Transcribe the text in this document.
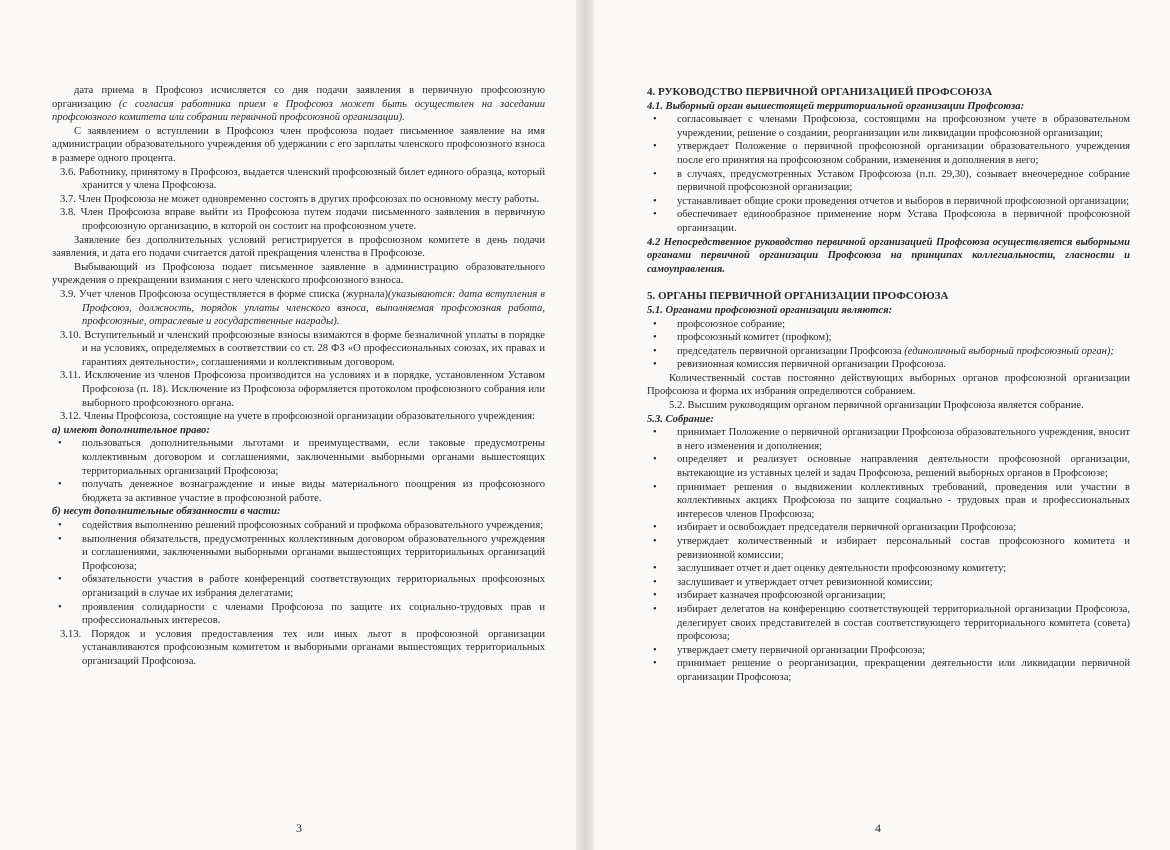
дата приема в Профсоюз исчисляется со дня подачи заявления в первичную профсоюзную организацию (с согласия работника прием в Профсоюз может быть осуществлен на заседании профсоюзного комитета или собрании первичной профсоюзной организации).

С заявлением о вступлении в Профсоюз член профсоюза подает письменное заявление на имя администрации образовательного учреждения об удержании с его зарплаты членского профсоюзного взноса в размере одного процента.

3.6. Работнику, принятому в Профсоюз, выдается членский профсоюзный билет единого образца, который хранится у члена Профсоюза.

3.7. Член Профсоюза не может одновременно состоять в других профсоюзах по основному месту работы.

3.8. Член Профсоюза вправе выйти из Профсоюза путем подачи письменного заявления в первичную профсоюзную организацию, в которой он состоит на профсоюзном учете.

Заявление без дополнительных условий регистрируется в профсоюзном комитете в день подачи заявления, и дата его подачи считается датой прекращения членства в Профсоюзе.

Выбывающий из Профсоюза подает письменное заявление в администрацию образовательного учреждения о прекращении взимания с него членского профсоюзного взноса.

3.9. Учет членов Профсоюза осуществляется в форме списка (журнала)(указываются: дата вступления в Профсоюз, должность, порядок уплаты членского взноса, выполняемая профсоюзная работа, профсоюзные, отраслевые и государственные награды).

3.10. Вступительный и членский профсоюзные взносы взимаются в форме безналичной уплаты в порядке и на условиях, определяемых в соответствии со ст. 28 ФЗ «О профессиональных союзах, их правах и гарантиях деятельности», соглашениями и коллективным договором.

3.11. Исключение из членов Профсоюза производится на условиях и в порядке, установленном Уставом Профсоюза (п. 18). Исключение из Профсоюза оформляется протоколом профсоюзного собрания или выборного профсоюзного органа.

3.12. Члены Профсоюза, состоящие на учете в профсоюзной организации образовательного учреждения:

а) имеют дополнительное право:

• пользоваться дополнительными льготами и преимуществами, если таковые предусмотрены коллективным договором и соглашениями, заключенными выборными органами вышестоящих территориальных организаций Профсоюза;
• получать денежное вознаграждение и иные виды материального поощрения из профсоюзного бюджета за активное участие в профсоюзной работе.

б) несут дополнительные обязанности в части:

• содействия выполнению решений профсоюзных собраний и профкома образовательного учреждения;
• выполнения обязательств, предусмотренных коллективным договором образовательного учреждения и соглашениями, заключенными выборными органами вышестоящих территориальных организаций Профсоюза;
• обязательности участия в работе конференций соответствующих территориальных профсоюзных организаций в случае их избрания делегатами;
• проявления солидарности с членами Профсоюза по защите их социально-трудовых прав и профессиональных интересов.

3.13. Порядок и условия предоставления тех или иных льгот в профсоюзной организации устанавливаются профсоюзным комитетом и выборными органами вышестоящих территориальных организаций Профсоюза.

3

4. РУКОВОДСТВО ПЕРВИЧНОЙ ОРГАНИЗАЦИЕЙ ПРОФСОЮЗА

4.1. Выборный орган вышестоящей территориальной организации Профсоюза:

• согласовывает с членами Профсоюза, состоящими на профсоюзном учете в образовательном учреждении, решение о создании, реорганизации или ликвидации профсоюзной организации;
• утверждает Положение о первичной профсоюзной организации образовательного учреждения после его принятия на профсоюзном собрании, изменения и дополнения в него;
• в случаях, предусмотренных Уставом Профсоюза (п.п. 29,30), созывает внеочередное собрание первичной профсоюзной организации;
• устанавливает общие сроки проведения отчетов и выборов в первичной профсоюзной организации;
• обеспечивает единообразное применение норм Устава Профсоюза в первичной профсоюзной организации.

4.2 Непосредственное руководство первичной организацией Профсоюза осуществляется выборными органами первичной организации Профсоюза на принципах коллегиальности, гласности и самоуправления.

5. ОРГАНЫ ПЕРВИЧНОЙ ОРГАНИЗАЦИИ ПРОФСОЮЗА

5.1. Органами профсоюзной организации являются:

• профсоюзное собрание;
• профсоюзный комитет (профком);
• председатель первичной организации Профсоюза (единоличный выборный профсоюзный орган);
• ревизионная комиссия первичной организации Профсоюза.

Количественный состав постоянно действующих выборных органов профсоюзной организации Профсоюза и форма их избрания определяются собранием.

5.2. Высшим руководящим органом первичной организации Профсоюза является собрание.

5.3. Собрание:

• принимает Положение о первичной организации Профсоюза образовательного учреждения, вносит в него изменения и дополнения;
• определяет и реализует основные направления деятельности профсоюзной организации, вытекающие из уставных целей и задач Профсоюза, решений выборных органов в Профсоюзе;
• принимает решения о выдвижении коллективных требований, проведения или участии в коллективных акциях Профсоюза по защите социально - трудовых прав и профессиональных интересов членов Профсоюза;
• избирает и освобождает председателя первичной организации Профсоюза;
• утверждает количественный и избирает персональный состав профсоюзного комитета и ревизионной комиссии;
• заслушивает отчет и дает оценку деятельности профсоюзному комитету;
• заслушивает и утверждает отчет ревизионной комиссии;
• избирает казначея профсоюзной организации;
• избирает делегатов на конференцию соответствующей территориальной организации Профсоюза, делегирует своих представителей в состав соответствующего территориального комитета (совета) профсоюза;
• утверждает смету первичной организации Профсоюза;
• принимает решение о реорганизации, прекращении деятельности или ликвидации первичной организации Профсоюза;
4
